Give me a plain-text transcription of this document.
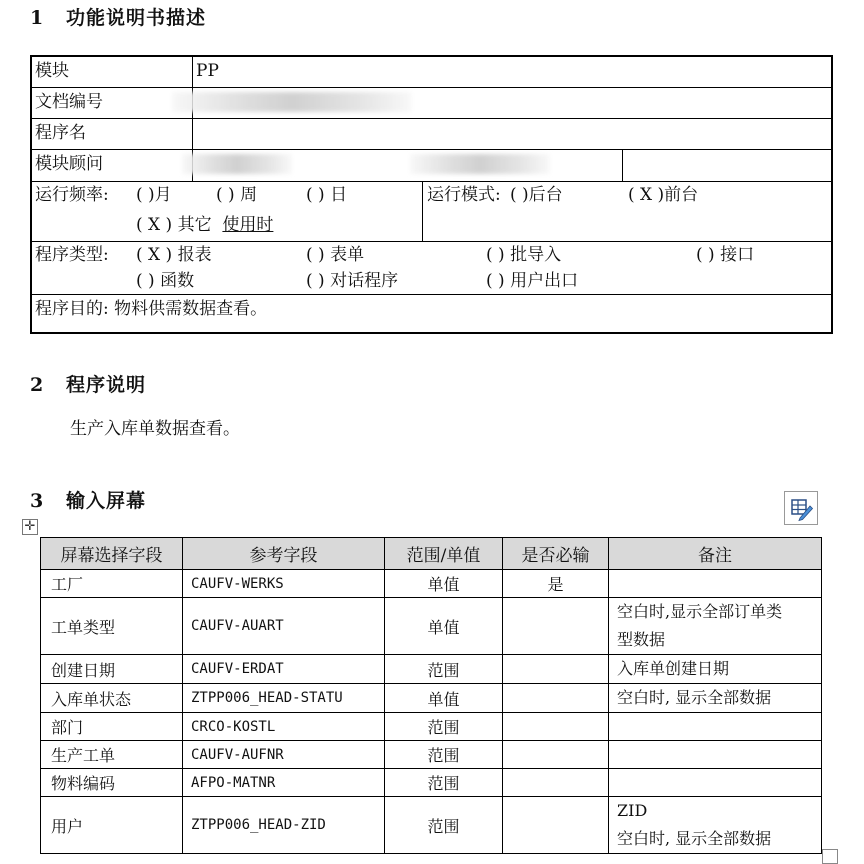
1 功能说明书描述
模块	PP
文档编号
程序名
模块顾问
运行频率: ( )月	( ) 周	( ) 日
( X ) 其它 使用时
运行模式: ( )后台	( X )前台
程序类型: ( X ) 报表	( ) 表单	( ) 批导入	( ) 接口
( ) 函数	( ) 对话程序	( ) 用户出口
程序目的: 物料供需数据查看。
2 程序说明
生产入库单数据查看。
3 输入屏幕
✛
屏幕选择字段	参考字段	范围/单值	是否必输	备注
工厂	CAUFV-WERKS	单值	是	

工单类型	CAUFV-AUART	单值		空白时,显示全部订单类
型数据

创建日期	CAUFV-ERDAT	范围		入库单创建日期

入库单状态	ZTPP006_HEAD-STATU	单值		空白时, 显示全部数据

部门	CRCO-KOSTL	范围		

生产工单	CAUFV-AUFNR	范围		

物料编码	AFPO-MATNR	范围		

用户	ZTPP006_HEAD-ZID	范围		ZID
空白时, 显示全部数据
